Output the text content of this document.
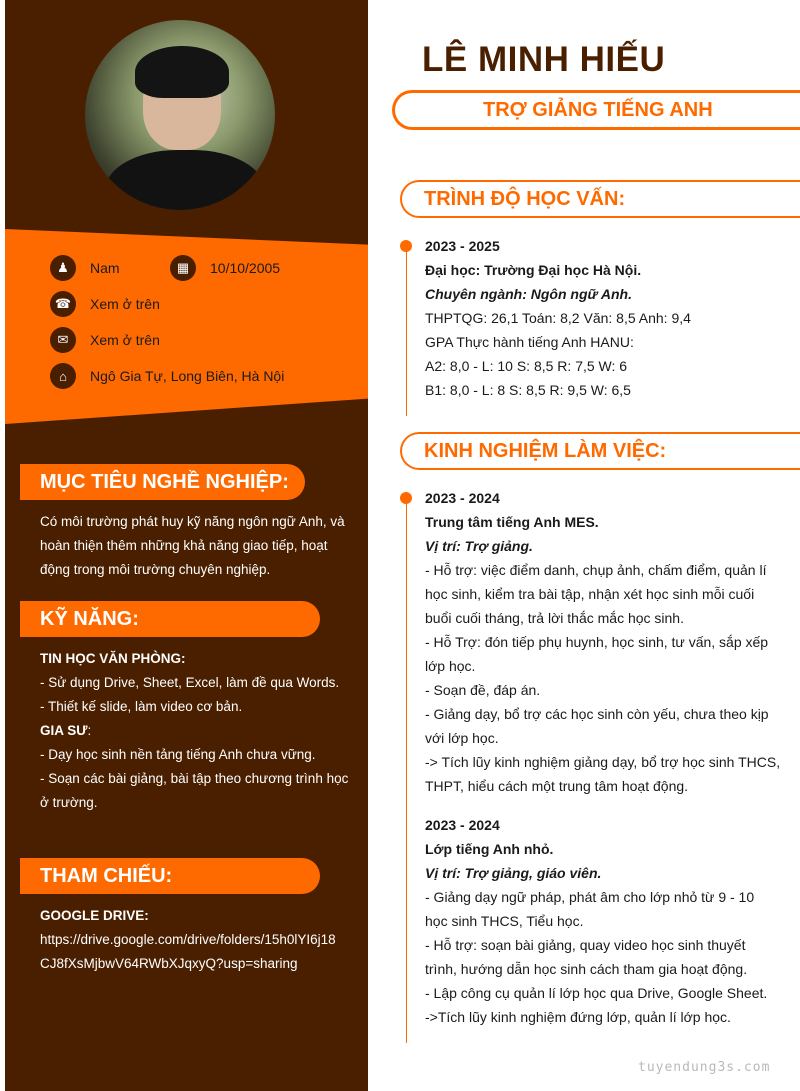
♟	Nam	▦	10/10/2005
☎	Xem ở trên
✉	Xem ở trên
⌂	Ngô Gia Tự, Long Biên, Hà Nội
MỤC TIÊU NGHỀ NGHIỆP:
Có môi trường phát huy kỹ năng ngôn ngữ Anh, và
hoàn thiện thêm những khả năng giao tiếp, hoạt
động trong môi trường chuyên nghiệp.
KỸ NĂNG:
TIN HỌC VĂN PHÒNG:
- Sử dụng Drive, Sheet, Excel, làm đề qua Words.
- Thiết kế slide, làm video cơ bản.
GIA SƯ:
- Dạy học sinh nền tảng tiếng Anh chưa vững.
- Soạn các bài giảng, bài tập theo chương trình học
ở trường.
THAM CHIẾU:
GOOGLE DRIVE:
https://drive.google.com/drive/folders/15h0lYI6j18
CJ8fXsMjbwV64RWbXJqxyQ?usp=sharing
LÊ MINH HIẾU
TRỢ GIẢNG TIẾNG ANH
TRÌNH ĐỘ HỌC VẤN:
2023 - 2025
Đại học: Trường Đại học Hà Nội.
Chuyên ngành: Ngôn ngữ Anh.
THPTQG: 26,1 Toán: 8,2 Văn: 8,5 Anh: 9,4
GPA Thực hành tiếng Anh HANU:
A2: 8,0 - L: 10 S: 8,5 R: 7,5 W: 6
B1: 8,0 - L: 8 S: 8,5 R: 9,5 W: 6,5
KINH NGHIỆM LÀM VIỆC:
2023 - 2024
Trung tâm tiếng Anh MES.
Vị trí: Trợ giảng.
- Hỗ trợ: việc điểm danh, chụp ảnh, chấm điểm, quản lí
học sinh, kiểm tra bài tập, nhận xét học sinh mỗi cuối
buổi cuối tháng, trả lời thắc mắc học sinh.
- Hỗ Trợ: đón tiếp phụ huynh, học sinh, tư vấn, sắp xếp
lớp học.
- Soạn đề, đáp án.
- Giảng dạy, bổ trợ các học sinh còn yếu, chưa theo kịp
với lớp học.
-> Tích lũy kinh nghiệm giảng dạy, bổ trợ học sinh THCS,
THPT, hiểu cách một trung tâm hoạt động.
2023 - 2024
Lớp tiếng Anh nhỏ.
Vị trí: Trợ giảng, giáo viên.
- Giảng dạy ngữ pháp, phát âm cho lớp nhỏ từ 9 - 10
học sinh THCS, Tiểu học.
- Hỗ trợ: soạn bài giảng, quay video học sinh thuyết
trình, hướng dẫn học sinh cách tham gia hoạt động.
- Lập công cụ quản lí lớp học qua Drive, Google Sheet.
->Tích lũy kinh nghiệm đứng lớp, quản lí lớp học.
tuyendung3s.com
